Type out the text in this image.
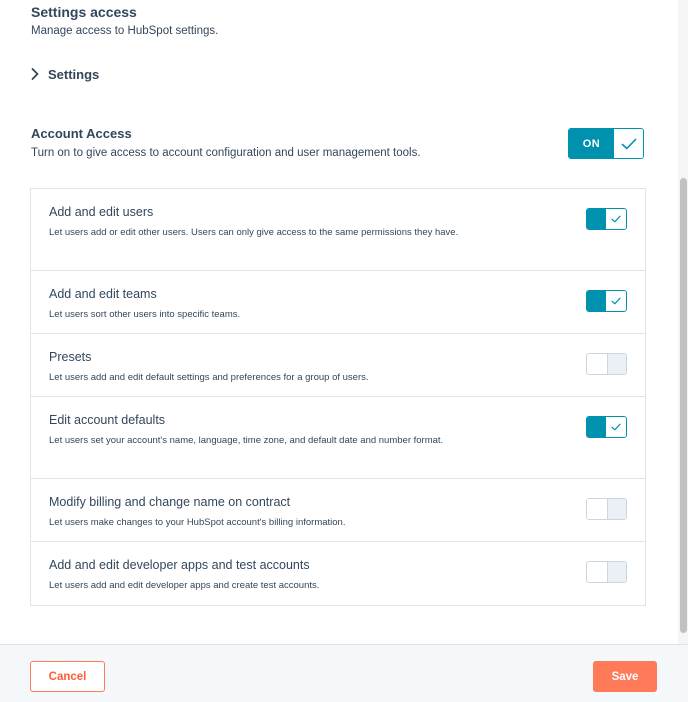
Settings access
Manage access to HubSpot settings.
Settings
Account Access
Turn on to give access to account configuration and user management tools.
ON
Add and edit users
Let users add or edit other users. Users can only give access to the same permissions they have.
Add and edit teams
Let users sort other users into specific teams.
Presets
Let users add and edit default settings and preferences for a group of users.
Edit account defaults
Let users set your account's name, language, time zone, and default date and number format.
Modify billing and change name on contract
Let users make changes to your HubSpot account's billing information.
Add and edit developer apps and test accounts
Let users add and edit developer apps and create test accounts.
Cancel	Save
